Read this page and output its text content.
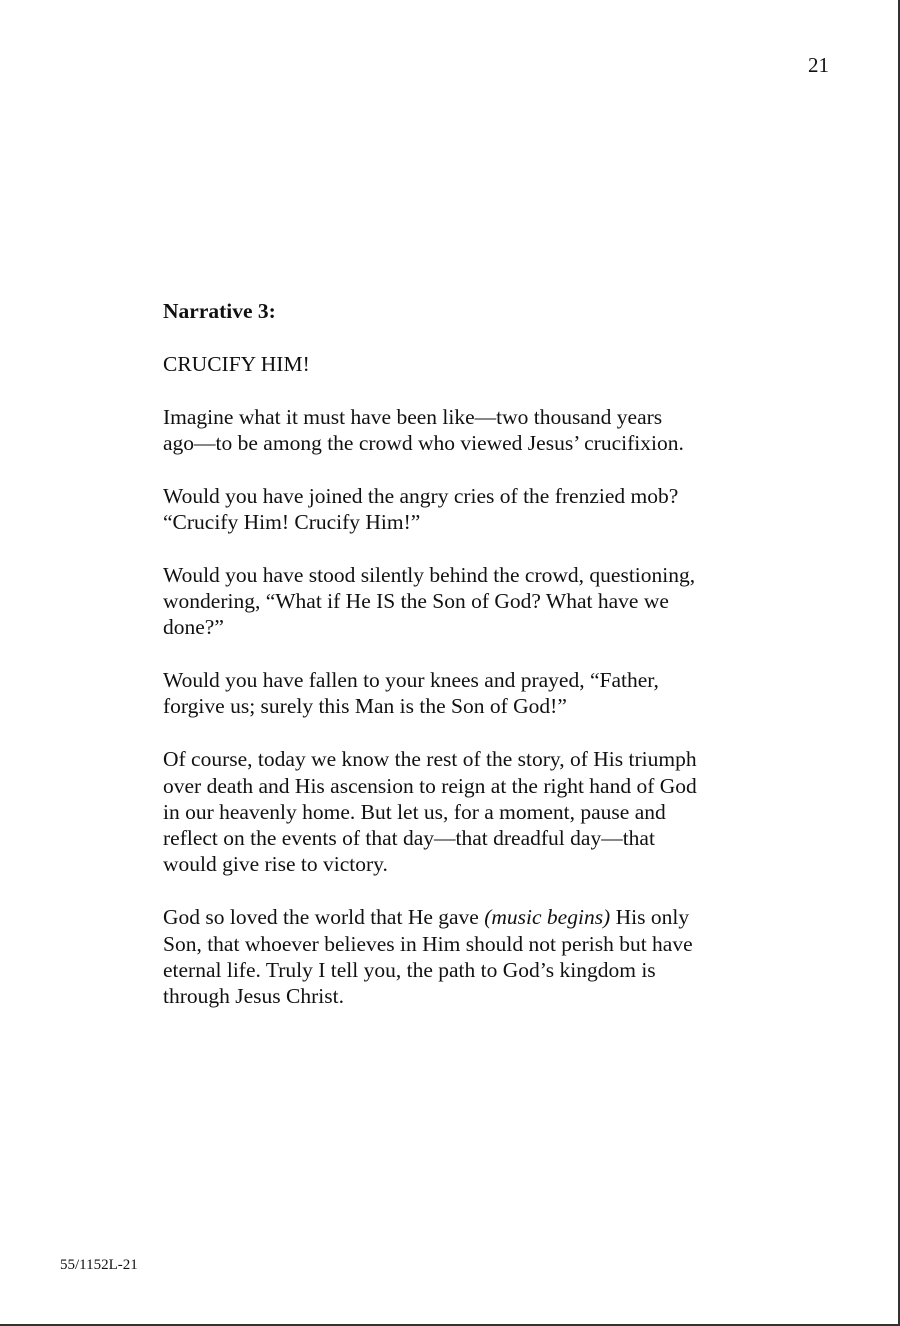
21

Narrative 3:

CRUCIFY HIM!

Imagine what it must have been like—two thousand years
ago—to be among the crowd who viewed Jesus’ crucifixion.

Would you have joined the angry cries of the frenzied mob?
“Crucify Him! Crucify Him!”

Would you have stood silently behind the crowd, questioning,
wondering, “What if He IS the Son of God? What have we
done?”

Would you have fallen to your knees and prayed, “Father,
forgive us; surely this Man is the Son of God!”

Of course, today we know the rest of the story, of His triumph
over death and His ascension to reign at the right hand of God
in our heavenly home. But let us, for a moment, pause and
reflect on the events of that day—that dreadful day—that
would give rise to victory.

God so loved the world that He gave (music begins) His only
Son, that whoever believes in Him should not perish but have
eternal life. Truly I tell you, the path to God’s kingdom is
through Jesus Christ.

55/1152L-21
